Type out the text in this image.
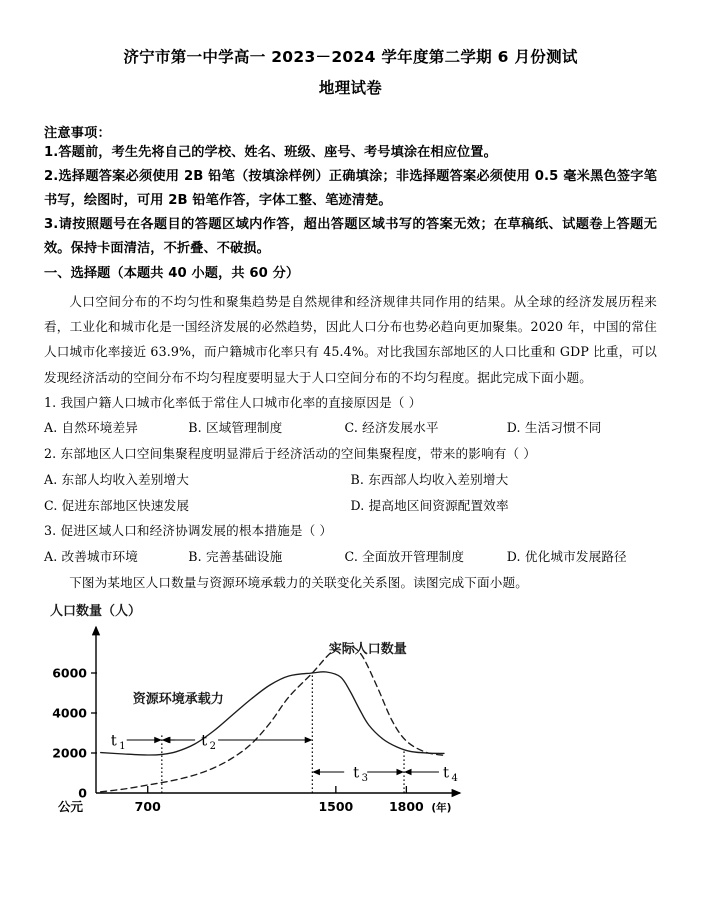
济宁市第一中学高一 2023－2024 学年度第二学期 6 月份测试
地理试卷
注意事项：
1.答题前，考生先将自己的学校、姓名、班级、座号、考号填涂在相应位置。
2.选择题答案必须使用 2B 铅笔（按填涂样例）正确填涂；非选择题答案必须使用 0.5 毫米黑色签字笔书写，绘图时，可用 2B 铅笔作答，字体工整、笔迹清楚。
3.请按照题号在各题目的答题区域内作答，超出答题区域书写的答案无效；在草稿纸、试题卷上答题无效。保持卡面清洁，不折叠、不破损。
一、选择题（本题共 40 小题，共 60 分）
人口空间分布的不均匀性和聚集趋势是自然规律和经济规律共同作用的结果。从全球的经济发展历程来看，工业化和城市化是一国经济发展的必然趋势，因此人口分布也势必趋向更加聚集。2020 年，中国的常住人口城市化率接近 63.9%，而户籍城市化率只有 45.4%。对比我国东部地区的人口比重和 GDP 比重，可以发现经济活动的空间分布不均匀程度要明显大于人口空间分布的不均匀程度。据此完成下面小题。
1. 我国户籍人口城市化率低于常住人口城市化率的直接原因是（ ）
A. 自然环境差异	B. 区域管理制度	C. 经济发展水平	D. 生活习惯不同
2. 东部地区人口空间集聚程度明显滞后于经济活动的空间集聚程度，带来的影响有（ ）
A. 东部人均收入差别增大	B. 东西部人均收入差别增大
C. 促进东部地区快速发展	D. 提高地区间资源配置效率
3. 促进区域人口和经济协调发展的根本措施是（ ）
A. 改善城市环境	B. 完善基础设施	C. 全面放开管理制度	D. 优化城市发展路径
下图为某地区人口数量与资源环境承载力的关联变化关系图。读图完成下面小题。
人口数量（人）
0
2000
4000
6000
700	1500	1800
公元	(年)
资源环境承载力
实际人口数量
t 1	t 2
t 3	t 4
